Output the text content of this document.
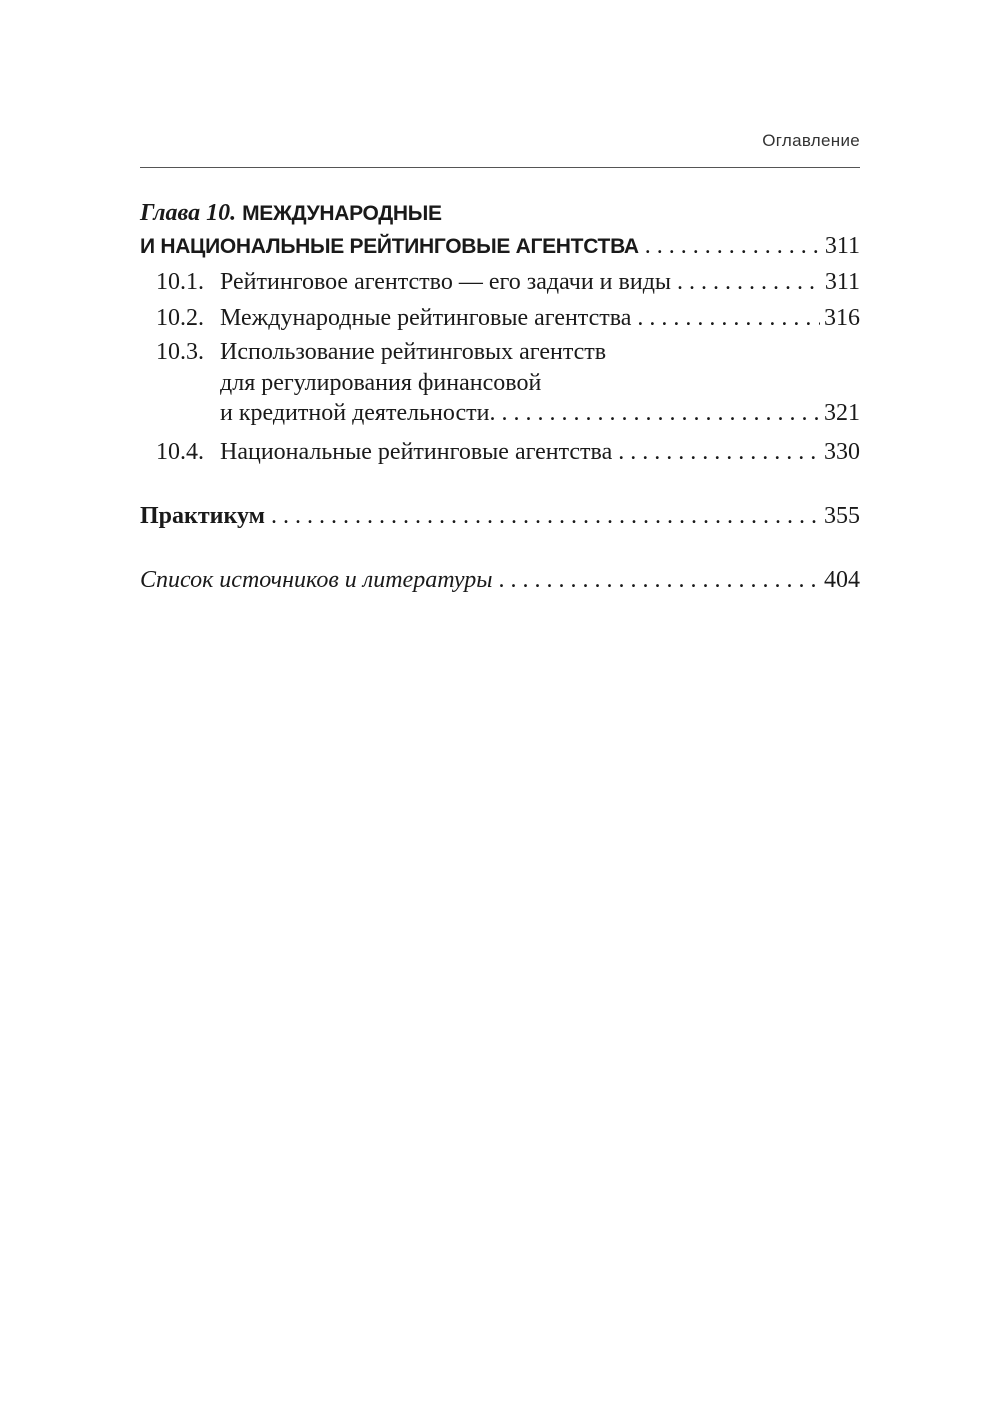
Оглавление
Глава 10. МЕЖДУНАРОДНЫЕ
И НАЦИОНАЛЬНЫЕ РЕЙТИНГОВЫЕ АГЕНТСТВА . . .	311
10.1. Рейтинговое агентство — его задачи и виды . . .	311
10.2. Международные рейтинговые агентства . . .	316
10.3. Использование рейтинговых агентств
для регулирования финансовой
и кредитной деятельности. . . .	321
10.4. Национальные рейтинговые агентства . . .	330
Практикум . . .	355
Список источников и литературы . . .	404
